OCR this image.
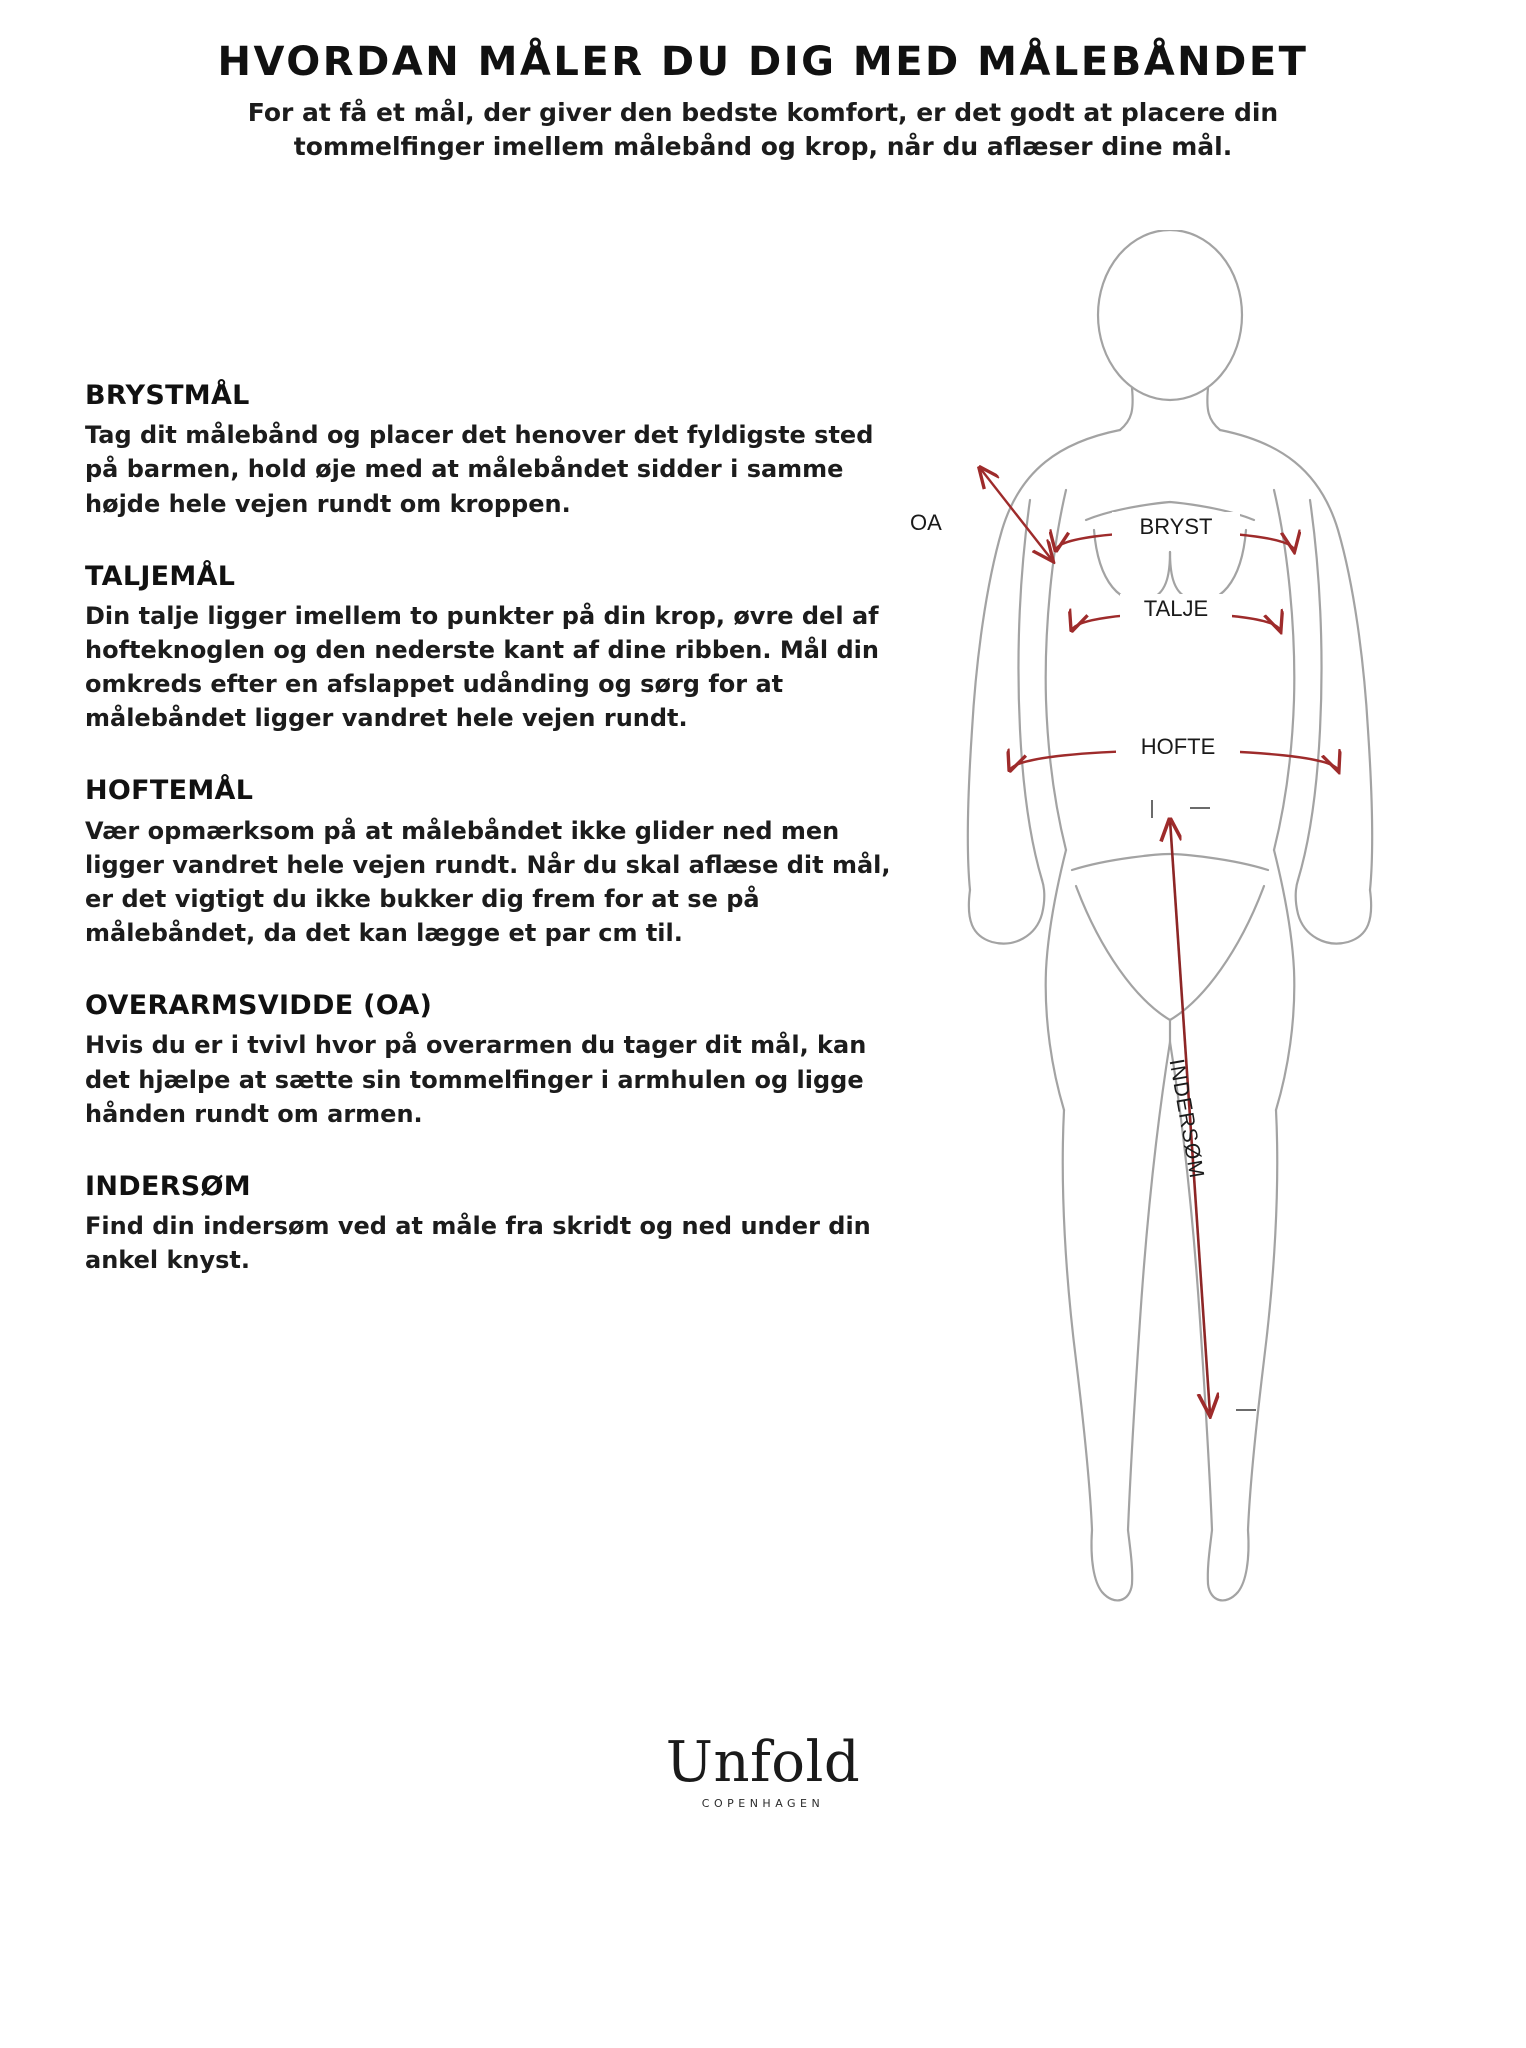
HVORDAN MÅLER DU DIG MED MÅLEBÅNDET

For at få et mål, der giver den bedste komfort, er det godt at placere din tommelfinger imellem målebånd og krop, når du aflæser dine mål.

BRYSTMÅL

Tag dit målebånd og placer det henover det fyldigste sted på barmen, hold øje med at målebåndet sidder i samme højde hele vejen rundt om kroppen.

TALJEMÅL

Din talje ligger imellem to punkter på din krop, øvre del af hofteknoglen og den nederste kant af dine ribben. Mål din omkreds efter en afslappet udånding og sørg for at målebåndet ligger vandret hele vejen rundt.

HOFTEMÅL

Vær opmærksom på at målebåndet ikke glider ned men ligger vandret hele vejen rundt. Når du skal aflæse dit mål, er det vigtigt du ikke bukker dig frem for at se på målebåndet, da det kan lægge et par cm til.

OVERARMSVIDDE (OA)

Hvis du er i tvivl hvor på overarmen du tager dit mål, kan det hjælpe at sætte sin tommelfinger i armhulen og ligge hånden rundt om armen.

INDERSØM

Find din indersøm ved at måle fra skridt og ned under din ankel knyst.

OA	BRYST
TALJE
HOFTE
INDERSØM
Unfold
COPENHAGEN
